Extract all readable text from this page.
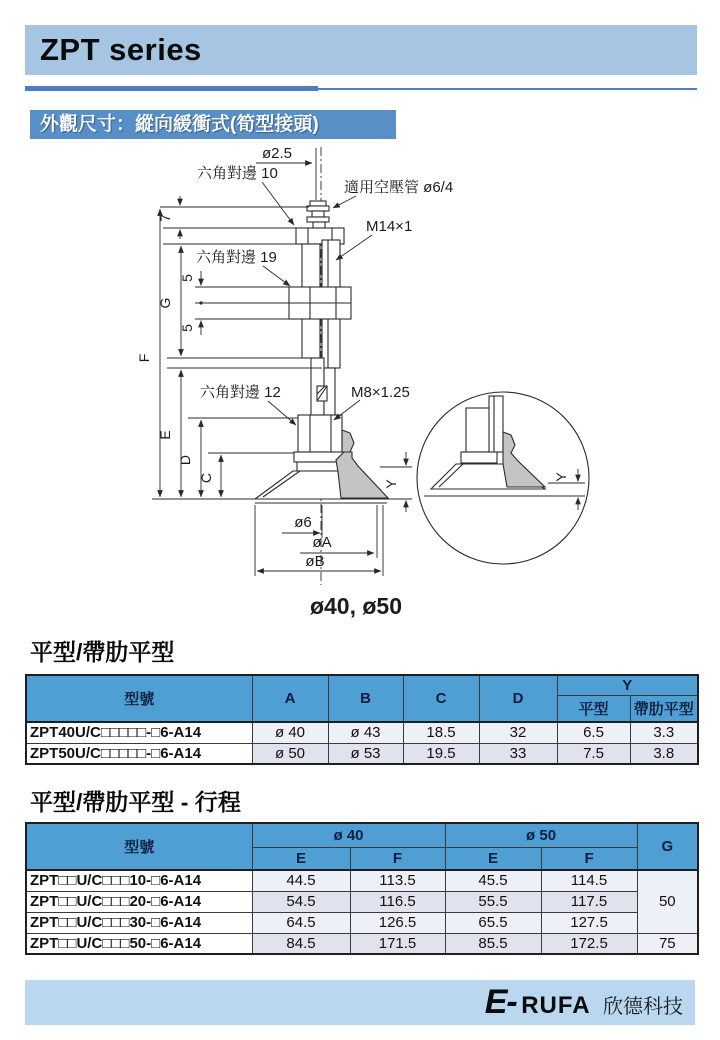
ZPT series
外觀尺寸：縱向緩衝式(筍型接頭)
ø2.5
六角對邊 10
適用空壓管 ø6/4
M14×1
六角對邊 19
六角對邊 12	M8×1.25
7
F
G
5
5
E
D
C
Y
Y
ø6
øA
øB
ø40, ø50
平型/帶肋平型
型號	A	B	C	D	Y	
					平型	帶肋平型
ZPT40U/C□□□□□-□6-A14	ø 40	ø 43	18.5	32	6.5	3.3
ZPT50U/C□□□□□-□6-A14	ø 50	ø 53	19.5	33	7.5	3.8
平型/帶肋平型 - 行程
型號	ø 40		ø 50		G
	E	F	E	F	
ZPT□□U/C□□□10-□6-A14	44.5	113.5	45.5	114.5	50
ZPT□□U/C□□□20-□6-A14	54.5	116.5	55.5	117.5	
ZPT□□U/C□□□30-□6-A14	64.5	126.5	65.5	127.5	
ZPT□□U/C□□□50-□6-A14	84.5	171.5	85.5	172.5	75
E- RUFA 欣德科技
